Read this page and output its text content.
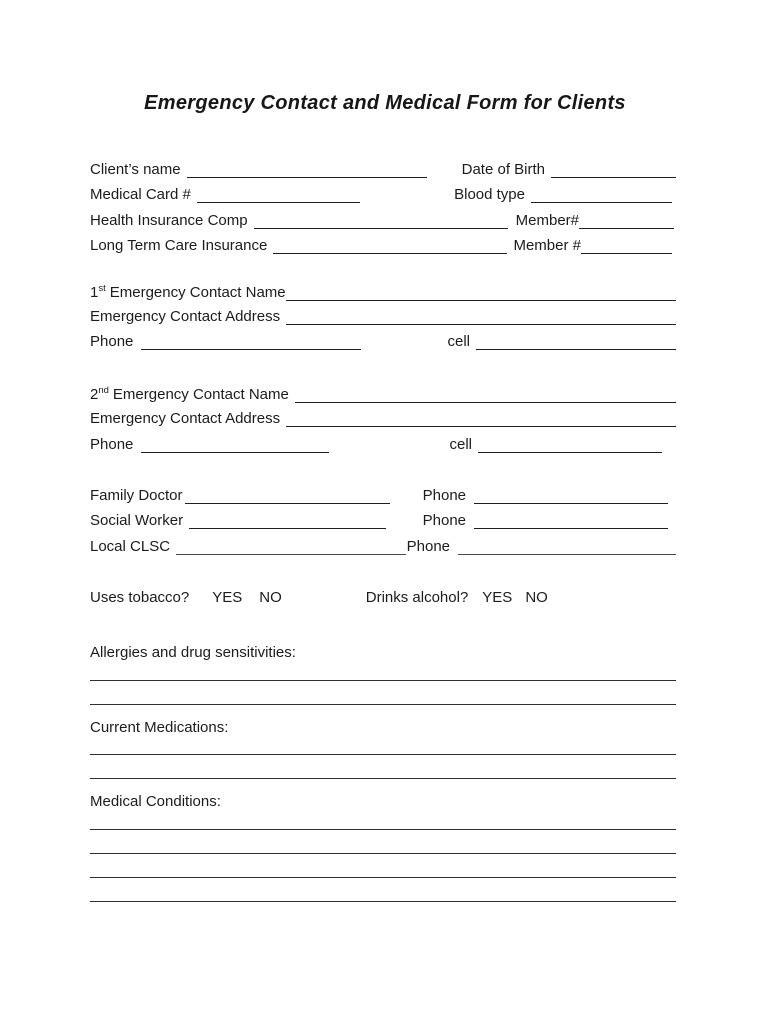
Emergency Contact and Medical Form for Clients
Client’s name	Date of Birth
Medical Card #	Blood type
Health Insurance Comp	Member#
Long Term Care Insurance	Member #
1st Emergency Contact Name
Emergency Contact Address
Phone	cell
2nd Emergency Contact Name
Emergency Contact Address
Phone	cell
Family Doctor	Phone
Social Worker	Phone
Local CLSC	Phone
Uses tobacco? YES NO	Drinks alcohol? YES NO
Allergies and drug sensitivities:
Current Medications:
Medical Conditions:
